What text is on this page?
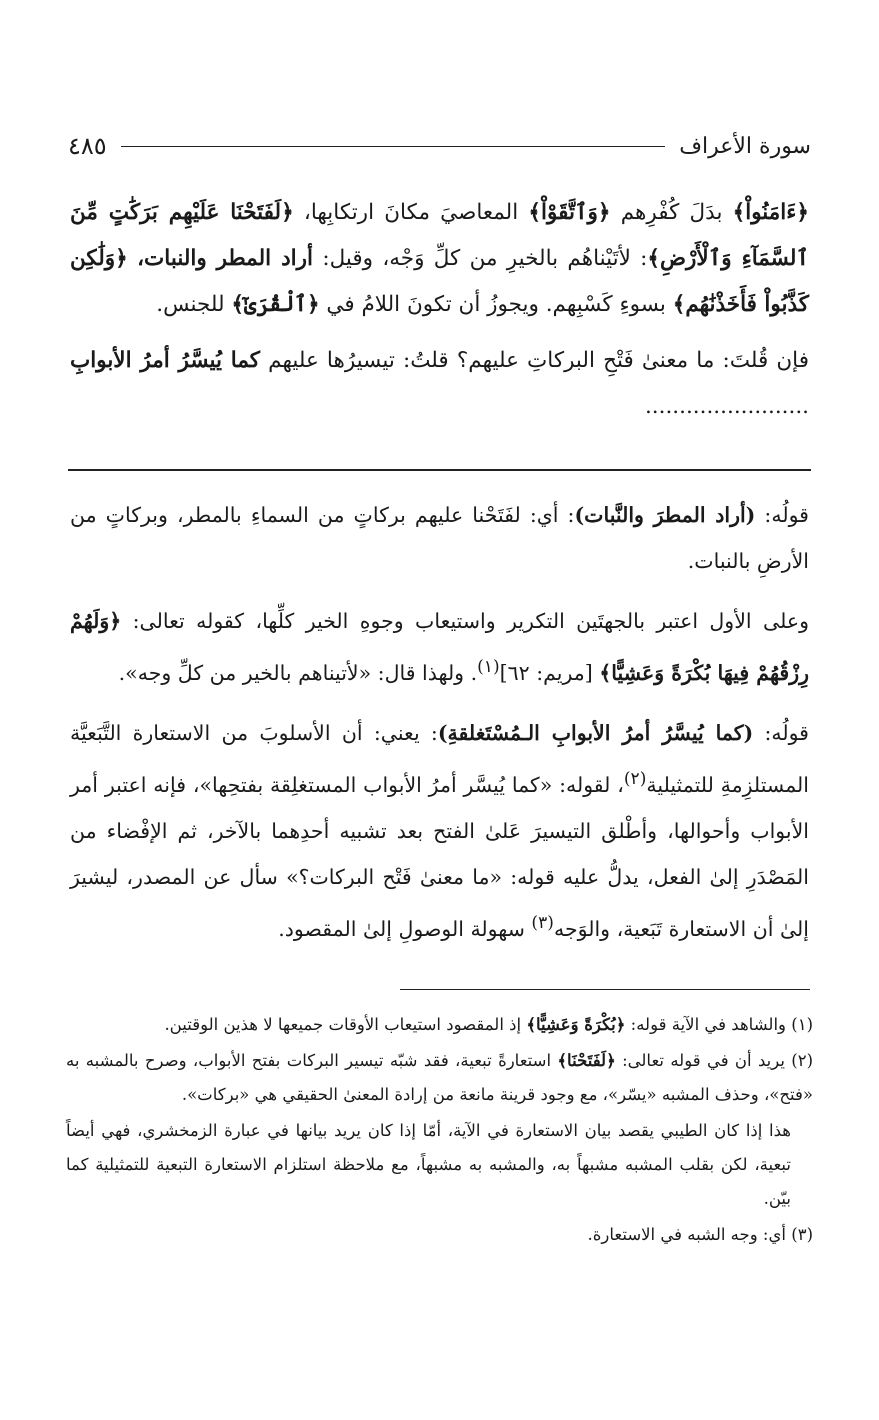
سورة الأعراف
٤٨٥

﴿ءَامَنُواْ﴾ بدَلَ كُفْرِهم ﴿وَٱتَّقَوْاْ﴾ المعاصيَ مكانَ ارتكابِها، ﴿لَفَتَحْنَا عَلَيْهِم بَرَكَٰتٍ مِّنَ ٱلسَّمَآءِ وَٱلْأَرْضِ﴾: لأتَيْناهُم بالخيرِ من كلِّ وَجْه، وقيل: أراد المطر والنبات، ﴿وَلَٰكِن كَذَّبُواْ فَأَخَذْنَٰهُم﴾ بسوءِ كَسْبِهم. ويجوزُ أن تكونَ اللامُ في ﴿ٱلْقُرَىٰٓ﴾ للجنس.

فإن قُلتَ: ما معنىٰ فَتْحِ البركاتِ عليهم؟ قلتُ: تيسيرُها عليهم كما يُيسَّرُ أمرُ الأبوابِ ........................

قولُه: (أراد المطرَ والنَّبات): أي: لفَتَحْنا عليهم بركاتٍ من السماءِ بالمطر، وبركاتٍ من الأرضِ بالنبات.

وعلى الأول اعتبر بالجهتَين التكرير واستيعاب وجوهِ الخير كلِّها، كقوله تعالى: ﴿وَلَهُمْ رِزْقُهُمْ فِيهَا بُكْرَةً وَعَشِيًّا﴾ [مريم: ٦٢]$^{(١)}$. ولهذا قال: «لأتيناهم بالخير من كلِّ وجه».

قولُه: (كما يُيسَّرُ أمرُ الأبوابِ الـمُسْتَغلقةِ): يعني: أن الأسلوبَ من الاستعارة التَّبَعيَّة المستلزِمةِ للتمثيلية$^{(٢)}$، لقوله: «كما يُيسَّر أمرُ الأبواب المستغلِقة بفتحِها»، فإنه اعتبر أمر الأبواب وأحوالها، وأطْلق التيسيرَ عَلىٰ الفتح بعد تشبيه أحدِهما بالآخر، ثم الإفْضاء من المَصْدَرِ إلىٰ الفعل، يدلُّ عليه قوله: «ما معنىٰ فَتْح البركات؟» سأل عن المصدر، ليشيرَ إلىٰ أن الاستعارة تَبَعية، والوَجه$^{(٣)}$ سهولة الوصولِ إلىٰ المقصود.

(١) والشاهد في الآية قوله: ﴿بُكْرَةً وَعَشِيًّا﴾ إذ المقصود استيعاب الأوقات جميعها لا هذين الوقتين.

(٢) يريد أن في قوله تعالى: ﴿لَفَتَحْنَا﴾ استعارةً تبعية، فقد شبّه تيسير البركات بفتح الأبواب، وصرح بالمشبه به «فتح»، وحذف المشبه «يسّر»، مع وجود قرينة مانعة من إرادة المعنىٰ الحقيقي هي «بركات».

هذا إذا كان الطيبي يقصد بيان الاستعارة في الآية، أمّا إذا كان يريد بيانها في عبارة الزمخشري، فهي أيضاً تبعية، لكن بقلب المشبه مشبهاً به، والمشبه به مشبهاً، مع ملاحظة استلزام الاستعارة التبعية للتمثيلية كما بيّن.

(٣) أي: وجه الشبه في الاستعارة.
